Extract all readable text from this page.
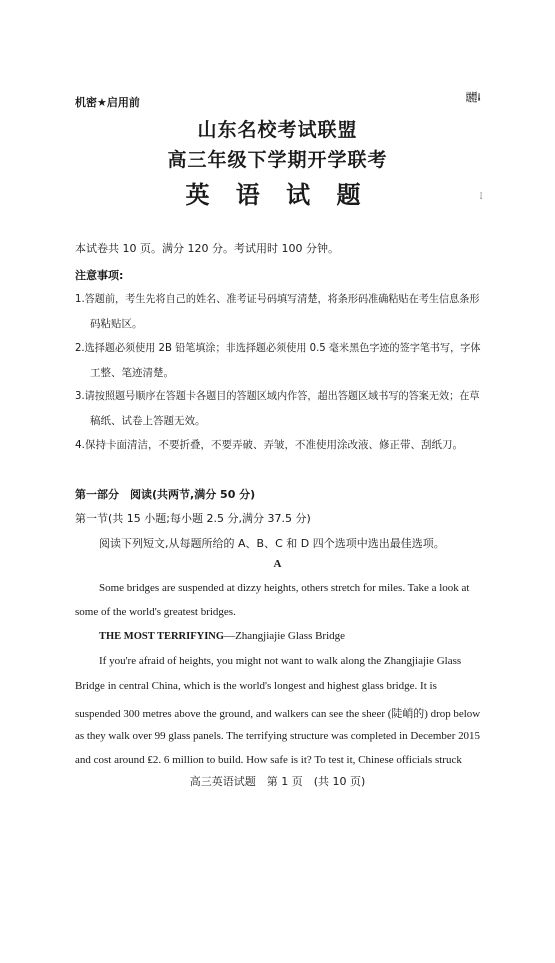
机密★启用前	试卷类型 A
山东名校考试联盟
高三年级下学期开学联考
英 语 试 题	2024. 2
本试卷共 10 页。满分 120 分。考试用时 100 分钟。
注意事项:
1.答题前，考生先将自己的姓名、准考证号码填写清楚，将条形码准确粘贴在考生信息条形
码粘贴区。
2.选择题必须使用 2B 铅笔填涂；非选择题必须使用 0.5 毫米黑色字迹的签字笔书写，字体
工整、笔迹清楚。
3.请按照题号顺序在答题卡各题目的答题区域内作答，超出答题区域书写的答案无效；在草
稿纸、试卷上答题无效。
4.保持卡面清洁，不要折叠，不要弄破、弄皱，不准使用涂改液、修正带、刮纸刀。
第一部分　阅读(共两节,满分 50 分)
第一节(共 15 小题;每小题 2.5 分,满分 37.5 分)
阅读下列短文,从每题所给的 A、B、C 和 D 四个选项中选出最佳选项。
A
Some bridges are suspended at dizzy heights, others stretch for miles. Take a look at
some of the world's greatest bridges.
THE MOST TERRIFYING—Zhangjiajie Glass Bridge
If you're afraid of heights, you might not want to walk along the Zhangjiajie Glass
Bridge in central China, which is the world's longest and highest glass bridge. It is
suspended 300 metres above the ground, and walkers can see the sheer (陡峭的) drop below
as they walk over 99 glass panels. The terrifying structure was completed in December 2015
and cost around ₤2. 6 million to build. How safe is it? To test it, Chinese officials struck
高三英语试题　第 1 页　(共 10 页)
